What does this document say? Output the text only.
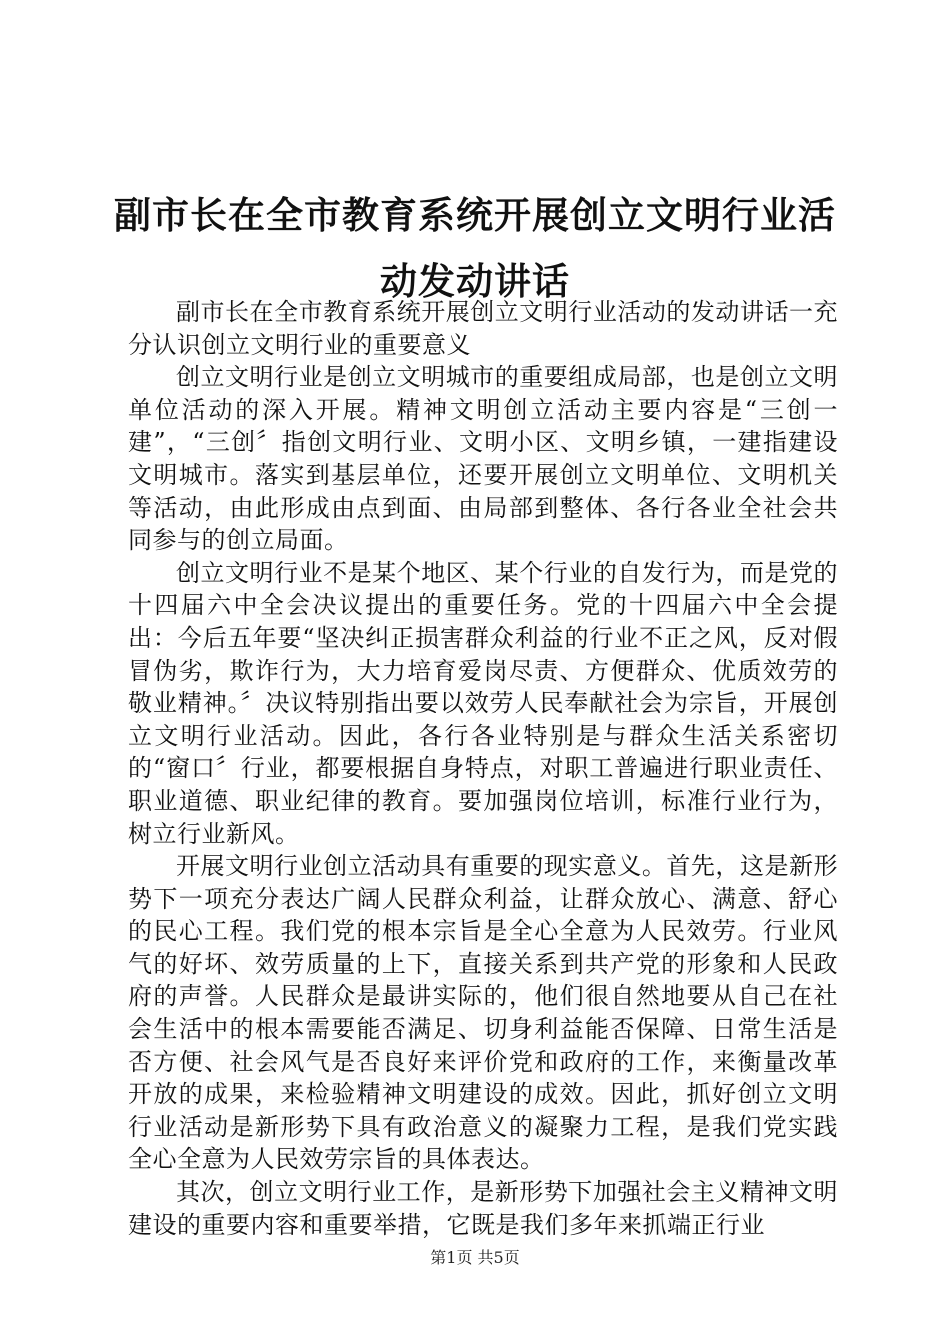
副市长在全市教育系统开展创立文明行业活动发动讲话

副市长在全市教育系统开展创立文明行业活动的发动讲话一充分认识创立文明行业的重要意义

创立文明行业是创立文明城市的重要组成局部，也是创立文明单位活动的深入开展。精神文明创立活动主要内容是“三创一建”，“三创〞指创文明行业、文明小区、文明乡镇，一建指建设文明城市。落实到基层单位，还要开展创立文明单位、文明机关等活动，由此形成由点到面、由局部到整体、各行各业全社会共同参与的创立局面。

创立文明行业不是某个地区、某个行业的自发行为，而是党的十四届六中全会决议提出的重要任务。党的十四届六中全会提出：今后五年要“坚决纠正损害群众利益的行业不正之风，反对假冒伪劣，欺诈行为，大力培育爱岗尽责、方便群众、优质效劳的敬业精神。〞决议特别指出要以效劳人民奉献社会为宗旨，开展创立文明行业活动。因此，各行各业特别是与群众生活关系密切的“窗口〞行业，都要根据自身特点，对职工普遍进行职业责任、职业道德、职业纪律的教育。要加强岗位培训，标准行业行为，树立行业新风。

开展文明行业创立活动具有重要的现实意义。首先，这是新形势下一项充分表达广阔人民群众利益，让群众放心、满意、舒心的民心工程。我们党的根本宗旨是全心全意为人民效劳。行业风气的好坏、效劳质量的上下，直接关系到共产党的形象和人民政府的声誉。人民群众是最讲实际的，他们很自然地要从自己在社会生活中的根本需要能否满足、切身利益能否保障、日常生活是否方便、社会风气是否良好来评价党和政府的工作，来衡量改革开放的成果，来检验精神文明建设的成效。因此，抓好创立文明行业活动是新形势下具有政治意义的凝聚力工程，是我们党实践全心全意为人民效劳宗旨的具体表达。

其次，创立文明行业工作，是新形势下加强社会主义精神文明建设的重要内容和重要举措，它既是我们多年来抓端正行业

第1页 共5页
